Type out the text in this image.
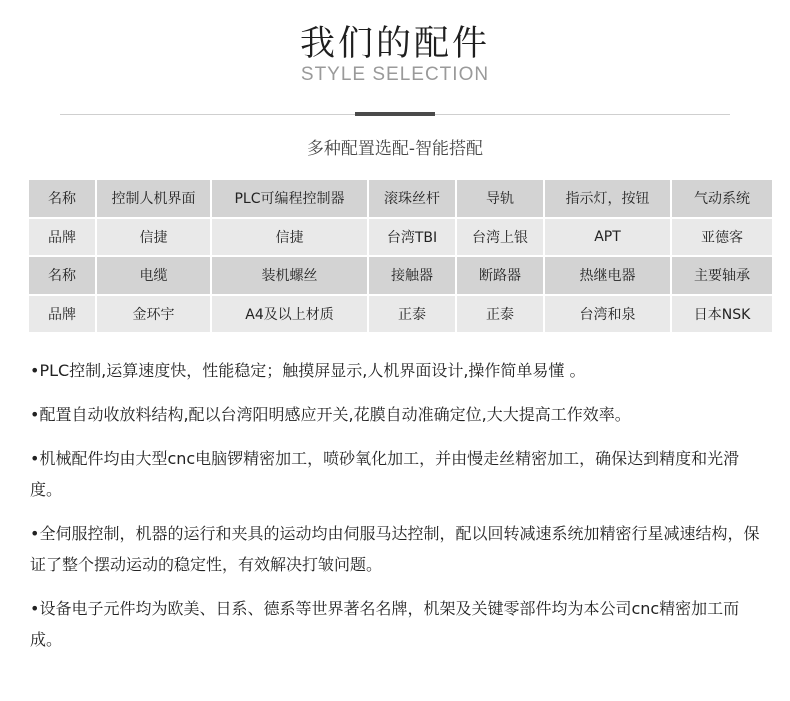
我们的配件
STYLE SELECTION
多种配置选配-智能搭配
名称	控制人机界面	PLC可编程控制器	滚珠丝杆	导轨	指示灯，按钮	气动系统
品牌	信捷	信捷	台湾TBI	台湾上银	APT	亚德客
名称	电缆	装机螺丝	接触器	断路器	热继电器	主要轴承
品牌	金环宇	A4及以上材质	正泰	正泰	台湾和泉	日本NSK

•PLC控制,运算速度快，性能稳定；触摸屏显示,人机界面设计,操作简单易懂 。

•配置自动收放料结构,配以台湾阳明感应开关,花膜自动准确定位,大大提高工作效率。

•机械配件均由大型cnc电脑锣精密加工，喷砂氧化加工，并由慢走丝精密加工，确保达到精度和光滑度。

•全伺服控制，机器的运行和夹具的运动均由伺服马达控制，配以回转减速系统加精密行星减速结构，保证了整个摆动运动的稳定性，有效解决打皱问题。

•设备电子元件均为欧美、日系、德系等世界著名名牌，机架及关键零部件均为本公司cnc精密加工而成。
